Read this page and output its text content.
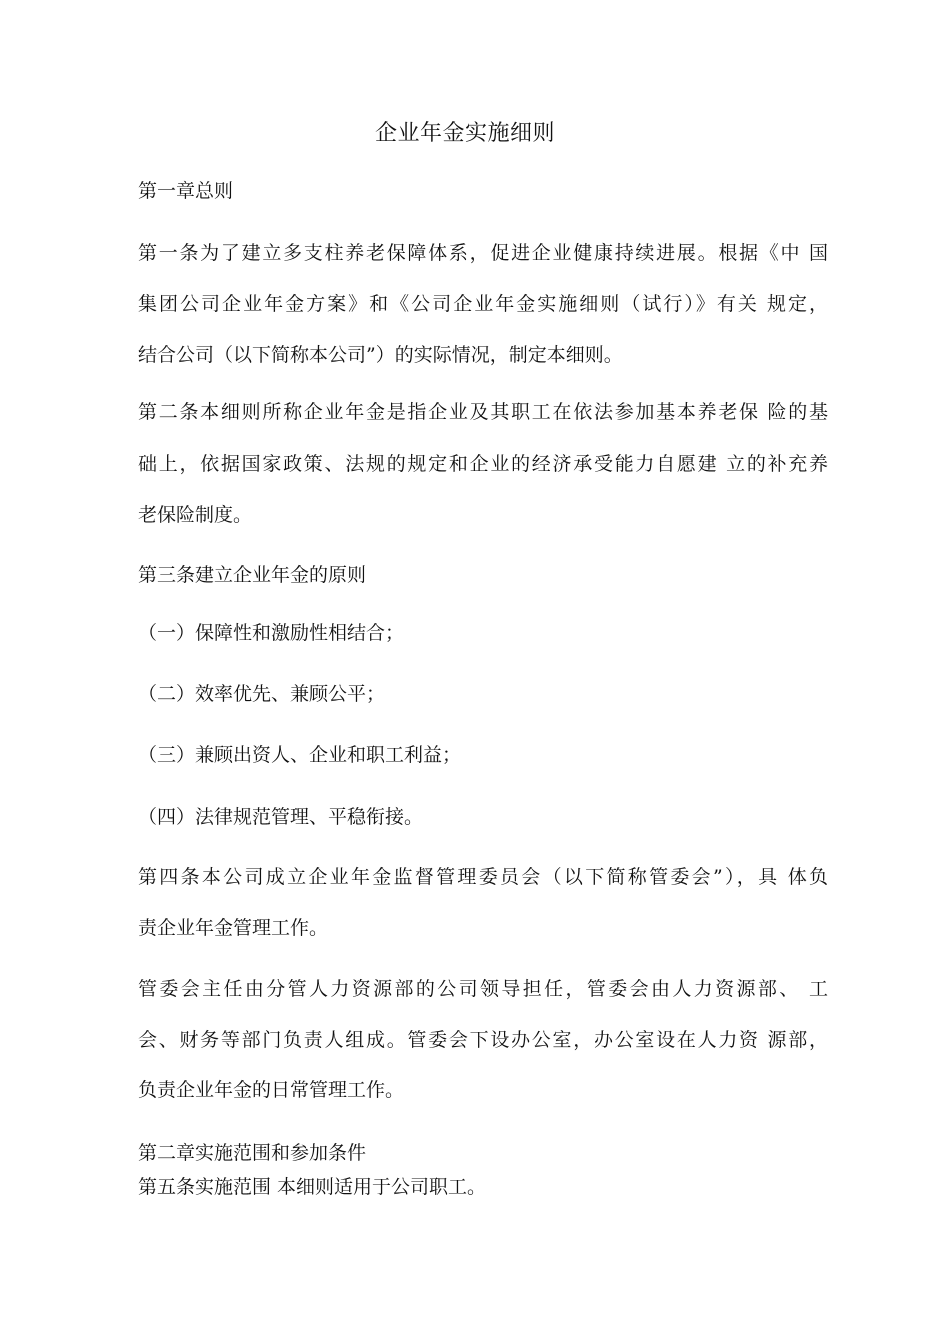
企业年金实施细则
第一章总则
第一条为了建立多支柱养老保障体系，促进企业健康持续进展。根据《中 国
集团公司企业年金方案》和《公司企业年金实施细则（试行）》有关 规定，
结合公司（以下简称本公司”）的实际情况，制定本细则。
第二条本细则所称企业年金是指企业及其职工在依法参加基本养老保 险的基
础上，依据国家政策、法规的规定和企业的经济承受能力自愿建 立的补充养
老保险制度。
第三条建立企业年金的原则
（一）保障性和激励性相结合；
（二）效率优先、兼顾公平；
（三）兼顾出资人、企业和职工利益；
（四）法律规范管理、平稳衔接。
第四条本公司成立企业年金监督管理委员会（以下简称管委会”），具 体负
责企业年金管理工作。
管委会主任由分管人力资源部的公司领导担任，管委会由人力资源部、 工
会、财务等部门负责人组成。管委会下设办公室，办公室设在人力资 源部，
负责企业年金的日常管理工作。
第二章实施范围和参加条件
第五条实施范围 本细则适用于公司职工。
